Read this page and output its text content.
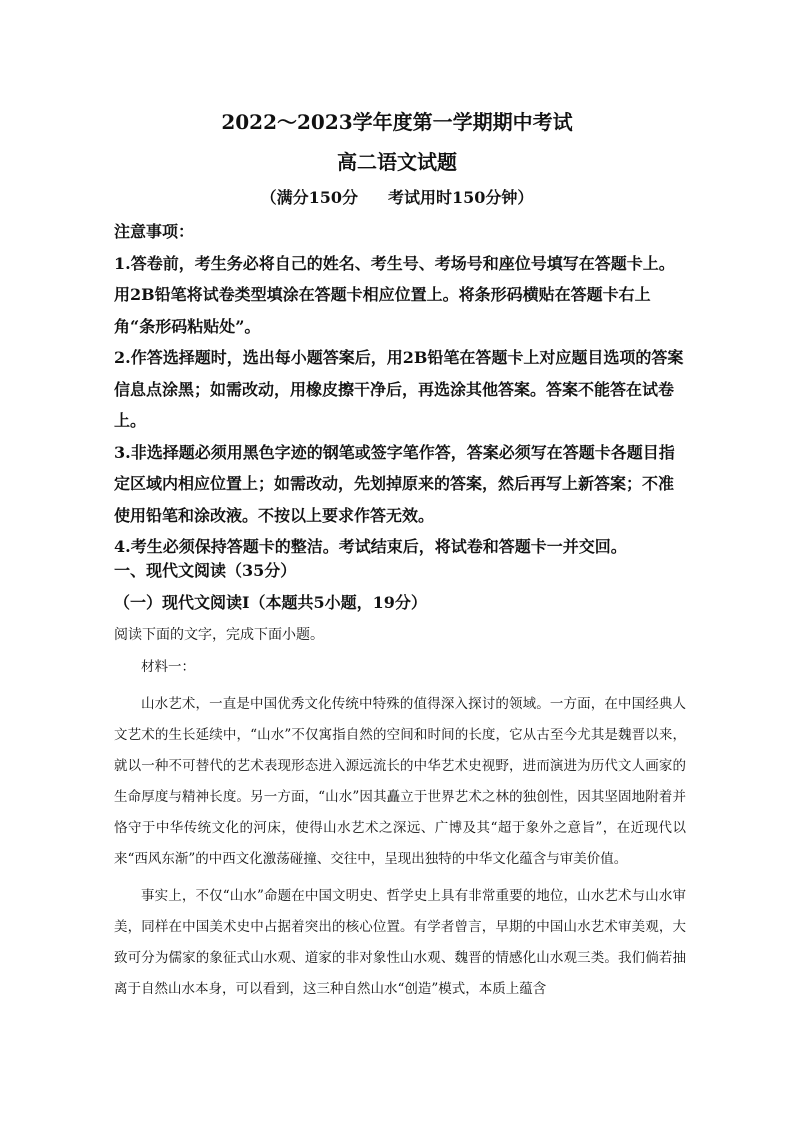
2022～2023学年度第一学期期中考试
高二语文试题
（满分150分 考试用时150分钟）

注意事项：

1.答卷前，考生务必将自己的姓名、考生号、考场号和座位号填写在答题卡上。用2B铅笔将试卷类型填涂在答题卡相应位置上。将条形码横贴在答题卡右上角“条形码粘贴处”。

2.作答选择题时，选出每小题答案后，用2B铅笔在答题卡上对应题目选项的答案信息点涂黑；如需改动，用橡皮擦干净后，再选涂其他答案。答案不能答在试卷上。

3.非选择题必须用黑色字迹的钢笔或签字笔作答，答案必须写在答题卡各题目指定区域内相应位置上；如需改动，先划掉原来的答案，然后再写上新答案；不准使用铅笔和涂改液。不按以上要求作答无效。

4.考生必须保持答题卡的整洁。考试结束后，将试卷和答题卡一并交回。

一、现代文阅读（35分）
（一）现代文阅读Ⅰ（本题共5小题，19分）
阅读下面的文字，完成下面小题。

材料一：

山水艺术，一直是中国优秀文化传统中特殊的值得深入探讨的领域。一方面，在中国经典人文艺术的生长延续中，“山水”不仅寓指自然的空间和时间的长度，它从古至今尤其是魏晋以来，就以一种不可替代的艺术表现形态进入源远流长的中华艺术史视野，进而演进为历代文人画家的生命厚度与精神长度。另一方面，“山水”因其矗立于世界艺术之林的独创性，因其坚固地附着并恪守于中华传统文化的河床，使得山水艺术之深远、广博及其“超于象外之意旨”，在近现代以来“西风东渐”的中西文化激荡碰撞、交往中，呈现出独特的中华文化蕴含与审美价值。

事实上，不仅“山水”命题在中国文明史、哲学史上具有非常重要的地位，山水艺术与山水审美，同样在中国美术史中占据着突出的核心位置。有学者曾言，早期的中国山水艺术审美观，大致可分为儒家的象征式山水观、道家的非对象性山水观、魏晋的情感化山水观三类。我们倘若抽离于自然山水本身，可以看到，这三种自然山水“创造”模式，本质上蕴含
